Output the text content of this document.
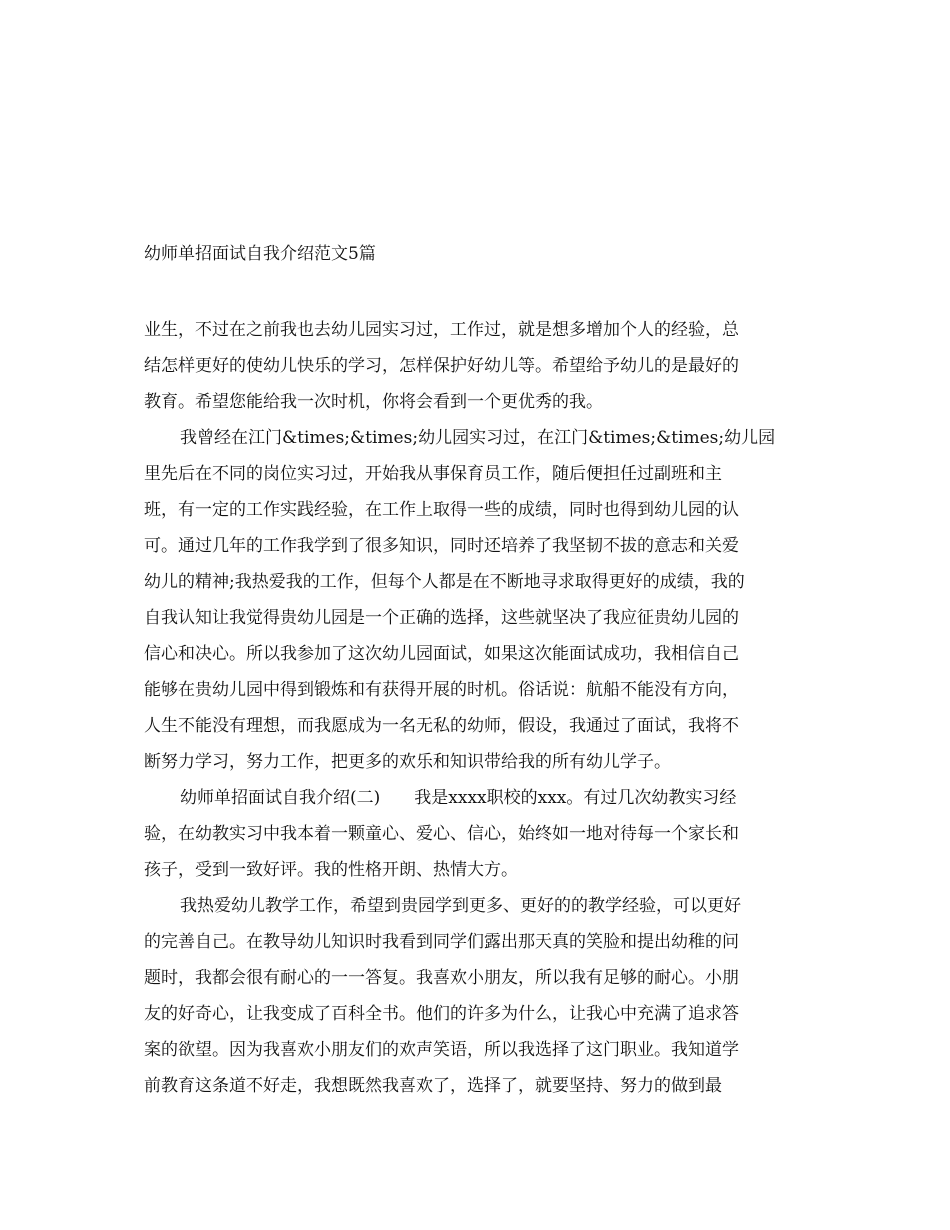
幼师单招面试自我介绍范文5篇
业生，不过在之前我也去幼儿园实习过，工作过，就是想多增加个人的经验，总
结怎样更好的使幼儿快乐的学习，怎样保护好幼儿等。希望给予幼儿的是最好的
教育。希望您能给我一次时机，你将会看到一个更优秀的我。
我曾经在江门&times;&times;幼儿园实习过，在江门&times;&times;幼儿园
里先后在不同的岗位实习过，开始我从事保育员工作，随后便担任过副班和主
班，有一定的工作实践经验，在工作上取得一些的成绩，同时也得到幼儿园的认
可。通过几年的工作我学到了很多知识，同时还培养了我坚韧不拔的意志和关爱
幼儿的精神;我热爱我的工作，但每个人都是在不断地寻求取得更好的成绩，我的
自我认知让我觉得贵幼儿园是一个正确的选择，这些就坚决了我应征贵幼儿园的
信心和决心。所以我参加了这次幼儿园面试，如果这次能面试成功，我相信自己
能够在贵幼儿园中得到锻炼和有获得开展的时机。俗话说：航船不能没有方向，
人生不能没有理想，而我愿成为一名无私的幼师，假设，我通过了面试，我将不
断努力学习，努力工作，把更多的欢乐和知识带给我的所有幼儿学子。
幼师单招面试自我介绍(二)　　我是xxxx职校的xxx。有过几次幼教实习经
验，在幼教实习中我本着一颗童心、爱心、信心，始终如一地对待每一个家长和
孩子，受到一致好评。我的性格开朗、热情大方。
我热爱幼儿教学工作，希望到贵园学到更多、更好的的教学经验，可以更好
的完善自己。在教导幼儿知识时我看到同学们露出那天真的笑脸和提出幼稚的问
题时，我都会很有耐心的一一答复。我喜欢小朋友，所以我有足够的耐心。小朋
友的好奇心，让我变成了百科全书。他们的许多为什么，让我心中充满了追求答
案的欲望。因为我喜欢小朋友们的欢声笑语，所以我选择了这门职业。我知道学
前教育这条道不好走，我想既然我喜欢了，选择了，就要坚持、努力的做到最
